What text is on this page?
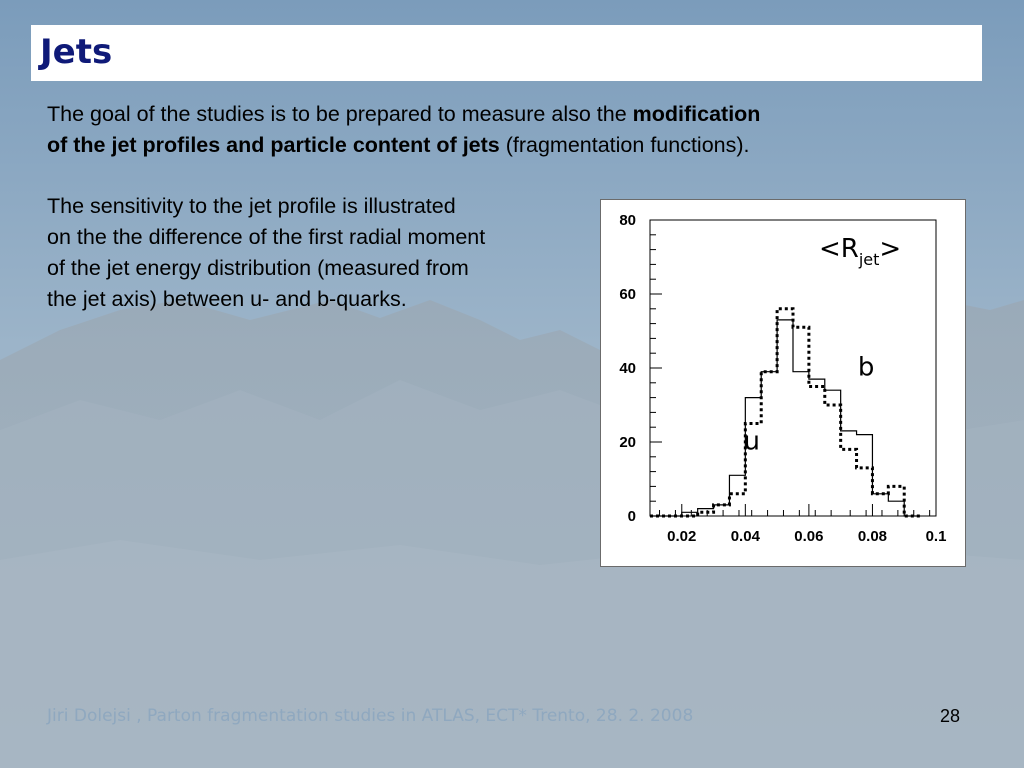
Jets

The goal of the studies is to be prepared to measure also the modification
of the jet profiles and particle content of jets (fragmentation functions).

The sensitivity to the jet profile is illustrated
on the the difference of the first radial moment
of the jet energy distribution (measured from
the jet axis) between u- and b-quarks.

0
20
40
60
80
0.02 0.04 0.06 0.08	0.1
u
b
$<R_{jet}>$
Jiri Dolejsi , Parton fragmentation studies in ATLAS, ECT* Trento, 28. 2. 2008	28
